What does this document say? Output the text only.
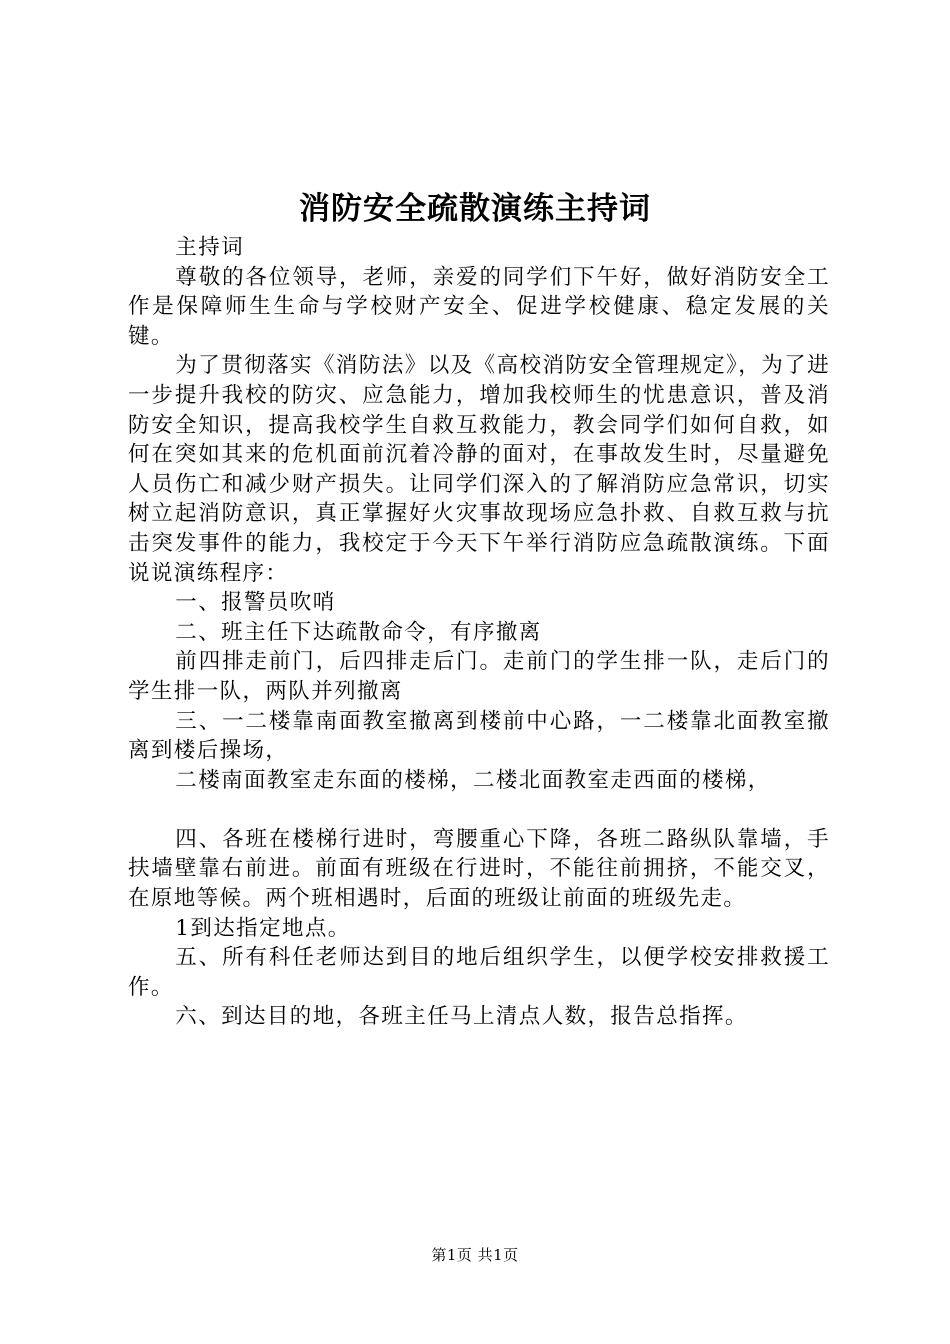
消防安全疏散演练主持词

主持词

尊敬的各位领导，老师，亲爱的同学们下午好，做好消防安全工作是保障师生生命与学校财产安全、促进学校健康、稳定发展的关键。

为了贯彻落实《消防法》以及《高校消防安全管理规定》，为了进一步提升我校的防灾、应急能力，增加我校师生的忧患意识，普及消防安全知识，提高我校学生自救互救能力，教会同学们如何自救，如何在突如其来的危机面前沉着冷静的面对，在事故发生时，尽量避免人员伤亡和减少财产损失。让同学们深入的了解消防应急常识，切实树立起消防意识，真正掌握好火灾事故现场应急扑救、自救互救与抗击突发事件的能力，我校定于今天下午举行消防应急疏散演练。下面说说演练程序：

一、报警员吹哨

二、班主任下达疏散命令，有序撤离

前四排走前门，后四排走后门。走前门的学生排一队，走后门的学生排一队，两队并列撤离

三、一二楼靠南面教室撤离到楼前中心路，一二楼靠北面教室撤离到楼后操场，

二楼南面教室走东面的楼梯，二楼北面教室走西面的楼梯，

四、各班在楼梯行进时，弯腰重心下降，各班二路纵队靠墙，手扶墙壁靠右前进。前面有班级在行进时，不能往前拥挤，不能交叉，在原地等候。两个班相遇时，后面的班级让前面的班级先走。

1到达指定地点。

五、所有科任老师达到目的地后组织学生，以便学校安排救援工作。

六、到达目的地，各班主任马上清点人数，报告总指挥。

第1页 共1页
